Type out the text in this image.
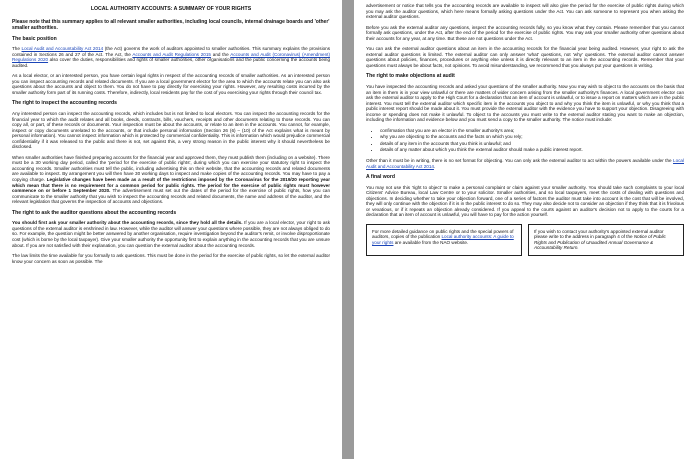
LOCAL AUTHORITY ACCOUNTS: A SUMMARY OF YOUR RIGHTS
Please note that this summary applies to all relevant smaller authorities, including local councils, internal drainage boards and 'other' smaller authorities.
The basic position

The Local Audit and Accountability Act 2014 (the Act) governs the work of auditors appointed to smaller authorities. This summary explains the provisions contained in Sections 26 and 27 of the Act. The Act, the Accounts and Audit Regulations 2015 and the Accounts and Audit (Coronavirus) (Amendment) Regulations 2020 also cover the duties, responsibilities and rights of smaller authorities, other organisations and the public concerning the accounts being audited.

As a local elector, or an interested person, you have certain legal rights in respect of the accounting records of smaller authorities. As an interested person you can inspect accounting records and related documents. If you are a local government elector for the area to which the accounts relate you can also ask questions about the accounts and object to them. You do not have to pay directly for exercising your rights. However, any resulting costs incurred by the smaller authority form part of its running costs. Therefore, indirectly, local residents pay for the cost of you exercising your rights through their council tax.

The right to inspect the accounting records

Any interested person can inspect the accounting records, which includes but is not limited to local electors. You can inspect the accounting records for the financial year to which the audit relates and all books, deeds, contracts, bills, vouchers, receipts and other documents relating to those records. You can copy all, or part, of these records or documents. Your inspection must be about the accounts, or relate to an item in the accounts. You cannot, for example, inspect or copy documents unrelated to the accounts, or that include personal information (Section 26 (6) – (10) of the Act explains what is meant by personal information). You cannot inspect information which is protected by commercial confidentiality. This is information which would prejudice commercial confidentiality if it was released to the public and there is not, set against this, a very strong reason in the public interest why it should nevertheless be disclosed.

When smaller authorities have finished preparing accounts for the financial year and approved them, they must publish them (including on a website). There must be a 30 working day period, called the 'period for the exercise of public rights', during which you can exercise your statutory right to inspect the accounting records. Smaller authorities must tell the public, including advertising this on their website, that the accounting records and related documents are available to inspect. By arrangement you will then have 30 working days to inspect and make copies of the accounting records. You may have to pay a copying charge. Legislative changes have been made as a result of the restrictions imposed by the Coronavirus for the 2019/20 reporting year which mean that there is no requirement for a common period for public rights. The period for the exercise of public rights must however commence on or before 1 September 2020. The advertisement must set out the dates of the period for the exercise of public rights, how you can communicate to the smaller authority that you wish to inspect the accounting records and related documents, the name and address of the auditor, and the relevant legislation that governs the inspection of accounts and objections.

The right to ask the auditor questions about the accounting records

You should first ask your smaller authority about the accounting records, since they hold all the details. If you are a local elector, your right to ask questions of the external auditor is enshrined in law. However, while the auditor will answer your questions where possible, they are not always obliged to do so. For example, the question might be better answered by another organisation, require investigation beyond the auditor's remit, or involve disproportionate cost (which is borne by the local taxpayer). Give your smaller authority the opportunity first to explain anything in the accounting records that you are unsure about. If you are not satisfied with their explanation, you can question the external auditor about the accounting records.

The law limits the time available for you formally to ask questions. This must be done in the period for the exercise of public rights, so let the external auditor know your concern as soon as possible. The

advertisement or notice that tells you the accounting records are available to inspect will also give the period for the exercise of public rights during which you may ask the auditor questions, which here means formally asking questions under the Act. You can ask someone to represent you when asking the external auditor questions.

Before you ask the external auditor any questions, inspect the accounting records fully, so you know what they contain. Please remember that you cannot formally ask questions, under the Act, after the end of the period for the exercise of public rights. You may ask your smaller authority other questions about their accounts for any year, at any time. But these are not questions under the Act.

You can ask the external auditor questions about an item in the accounting records for the financial year being audited. However, your right to ask the external auditor questions is limited. The external auditor can only answer 'what' questions, not 'why' questions. The external auditor cannot answer questions about policies, finances, procedures or anything else unless it is directly relevant to an item in the accounting records. Remember that your questions must always be about facts, not opinions. To avoid misunderstanding, we recommend that you always put your questions in writing.

The right to make objections at audit

You have inspected the accounting records and asked your questions of the smaller authority. Now you may wish to object to the accounts on the basis that an item in them is in your view unlawful or there are matters of wider concern arising from the smaller authority's finances. A local government elector can ask the external auditor to apply to the High Court for a declaration that an item of account is unlawful, or to issue a report on matters which are in the public interest. You must tell the external auditor which specific item in the accounts you object to and why you think the item is unlawful, or why you think that a public interest report should be made about it. You must provide the external auditor with the evidence you have to support your objection. Disagreeing with income or spending does not make it unlawful. To object to the accounts you must write to the external auditor stating you want to make an objection, including the information and evidence below and you must send a copy to the smaller authority. The notice must include:

• confirmation that you are an elector in the smaller authority's area;
• why you are objecting to the accounts and the facts on which you rely;
• details of any item in the accounts that you think is unlawful; and
• details of any matter about which you think the external auditor should make a public interest report.

Other than it must be in writing, there is no set format for objecting. You can only ask the external auditor to act within the powers available under the Local Audit and Accountability Act 2014.

A final word

You may not use this 'right to object' to make a personal complaint or claim against your smaller authority. You should take such complaints to your local Citizens' Advice Bureau, local Law Centre or to your solicitor. Smaller authorities, and so local taxpayers, meet the costs of dealing with questions and objections. In deciding whether to take your objection forward, one of a series of factors the auditor must take into account is the cost that will be involved, they will only continue with the objection if it is in the public interest to do so. They may also decide not to consider an objection if they think that it is frivolous or vexatious, or if it repeats an objection already considered. If you appeal to the courts against an auditor's decision not to apply to the courts for a declaration that an item of account is unlawful, you will have to pay for the action yourself.

For more detailed guidance on public rights and the special powers of auditors, copies of the publication Local authority accounts: A guide to your rights are available from the NAO website.
If you wish to contact your authority's appointed external auditor please write to the address in paragraph 4 of the Notice of Public Rights and Publication of Unaudited Annual Governance & Accountability Return.
